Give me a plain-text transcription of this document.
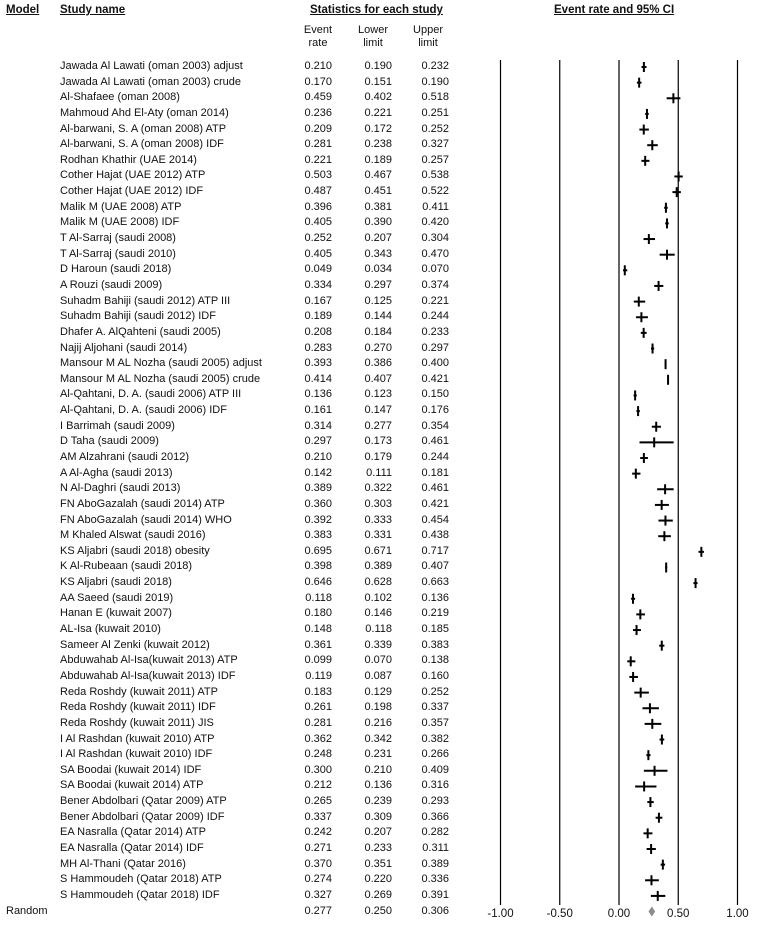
Model Study name	Statistics for each study	Event rate and 95% CI
Event
rate
Lower
limit
Upper
limit
Jawada Al Lawati (oman 2003) adjust	0.210	0.190	0.232
Jawada Al Lawati (oman 2003) crude	0.170	0.151	0.190
Al-Shafaee (oman 2008)	0.459	0.402	0.518
Mahmoud Ahd El-Aty (oman 2014)	0.236	0.221	0.251
Al-barwani, S. A (oman 2008) ATP	0.209	0.172	0.252
Al-barwani, S. A (oman 2008) IDF	0.281	0.238	0.327
Rodhan Khathir (UAE 2014)	0.221	0.189	0.257
Cother Hajat (UAE 2012) ATP	0.503	0.467	0.538
Cother Hajat (UAE 2012) IDF	0.487	0.451	0.522
Malik M (UAE 2008) ATP	0.396	0.381	0.411
Malik M (UAE 2008) IDF	0.405	0.390	0.420
T Al-Sarraj (saudi 2008)	0.252	0.207	0.304
T Al-Sarraj (saudi 2010)	0.405	0.343	0.470
D Haroun (saudi 2018)	0.049	0.034	0.070
A Rouzi (saudi 2009)	0.334	0.297	0.374
Suhadm Bahiji (saudi 2012) ATP III	0.167	0.125	0.221
Suhadm Bahiji (saudi 2012) IDF	0.189	0.144	0.244
Dhafer A. AlQahteni (saudi 2005)	0.208	0.184	0.233
Najij Aljohani (saudi 2014)	0.283	0.270	0.297
Mansour M AL Nozha (saudi 2005) adjust	0.393	0.386	0.400
Mansour M AL Nozha (saudi 2005) crude	0.414	0.407	0.421
Al-Qahtani, D. A. (saudi 2006) ATP III	0.136	0.123	0.150
Al-Qahtani, D. A. (saudi 2006) IDF	0.161	0.147	0.176
I Barrimah (saudi 2009)	0.314	0.277	0.354
D Taha (saudi 2009)	0.297	0.173	0.461
AM Alzahrani (saudi 2012)	0.210	0.179	0.244
A Al-Agha (saudi 2013)	0.142	0.111	0.181
N Al-Daghri (saudi 2013)	0.389	0.322	0.461
FN AboGazalah (saudi 2014) ATP	0.360	0.303	0.421
FN AboGazalah (saudi 2014) WHO	0.392	0.333	0.454
M Khaled Alswat (saudi 2016)	0.383	0.331	0.438
KS Aljabri (saudi 2018) obesity	0.695	0.671	0.717
K Al-Rubeaan (saudi 2018)	0.398	0.389	0.407
KS Aljabri (saudi 2018)	0.646	0.628	0.663
AA Saeed (saudi 2019)	0.118	0.102	0.136
Hanan E (kuwait 2007)	0.180	0.146	0.219
AL-Isa (kuwait 2010)	0.148	0.118	0.185
Sameer Al Zenki (kuwait 2012)	0.361	0.339	0.383
Abduwahab Al-Isa(kuwait 2013) ATP	0.099	0.070	0.138
Abduwahab Al-Isa(kuwait 2013) IDF	0.119	0.087	0.160
Reda Roshdy (kuwait 2011) ATP	0.183	0.129	0.252
Reda Roshdy (kuwait 2011) IDF	0.261	0.198	0.337
Reda Roshdy (kuwait 2011) JIS	0.281	0.216	0.357
I Al Rashdan (kuwait 2010) ATP	0.362	0.342	0.382
I Al Rashdan (kuwait 2010) IDF	0.248	0.231	0.266
SA Boodai (kuwait 2014) IDF	0.300	0.210	0.409
SA Boodai (kuwait 2014) ATP	0.212	0.136	0.316
Bener Abdolbari (Qatar 2009) ATP	0.265	0.239	0.293
Bener Abdolbari (Qatar 2009) IDF	0.337	0.309	0.366
EA Nasralla (Qatar 2014) ATP	0.242	0.207	0.282
EA Nasralla (Qatar 2014) IDF	0.271	0.233	0.311
MH Al-Thani (Qatar 2016)	0.370	0.351	0.389
S Hammoudeh (Qatar 2018) ATP	0.274	0.220	0.336
S Hammoudeh (Qatar 2018) IDF	0.327	0.269	0.391
Random	0.277	0.250	0.306	-1.00	-0.50	0.00	0.50	1.00
